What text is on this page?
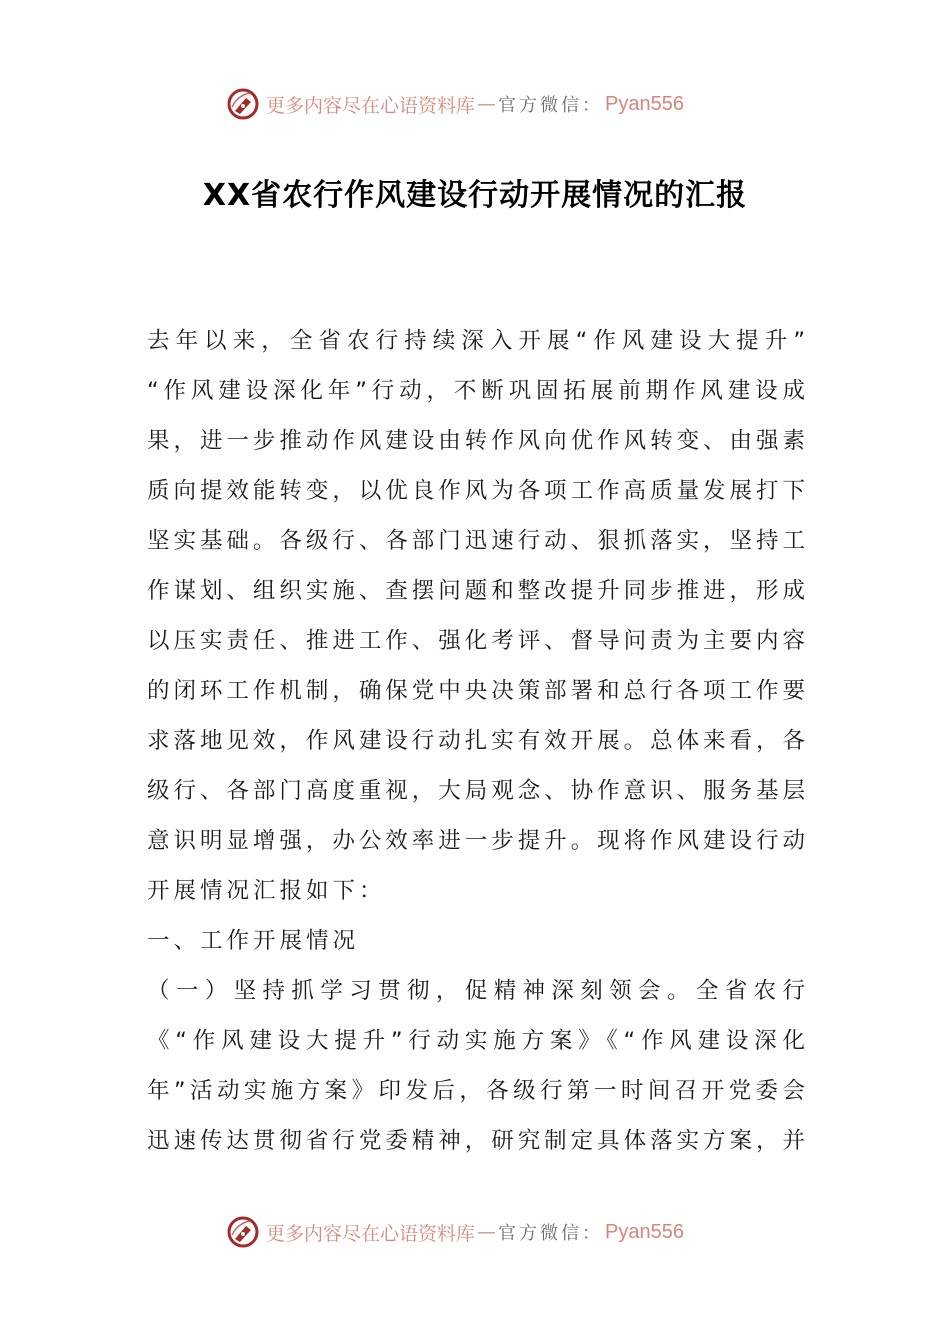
更多内容尽在心语资料库 — 官方微信： Pyan556
XX省农行作风建设行动开展情况的汇报
去年以来，全省农行持续深入开展“作风建设大提升”
“作风建设深化年”行动，不断巩固拓展前期作风建设成
果，进一步推动作风建设由转作风向优作风转变、由强素
质向提效能转变，以优良作风为各项工作高质量发展打下
坚实基础。各级行、各部门迅速行动、狠抓落实，坚持工
作谋划、组织实施、查摆问题和整改提升同步推进，形成
以压实责任、推进工作、强化考评、督导问责为主要内容
的闭环工作机制，确保党中央决策部署和总行各项工作要
求落地见效，作风建设行动扎实有效开展。总体来看，各
级行、各部门高度重视，大局观念、协作意识、服务基层
意识明显增强，办公效率进一步提升。现将作风建设行动
开展情况汇报如下：
一、工作开展情况
（一）坚持抓学习贯彻，促精神深刻领会。全省农行
《“作风建设大提升”行动实施方案》《“作风建设深化
年”活动实施方案》印发后，各级行第一时间召开党委会
迅速传达贯彻省行党委精神，研究制定具体落实方案，并
更多内容尽在心语资料库 — 官方微信： Pyan556
